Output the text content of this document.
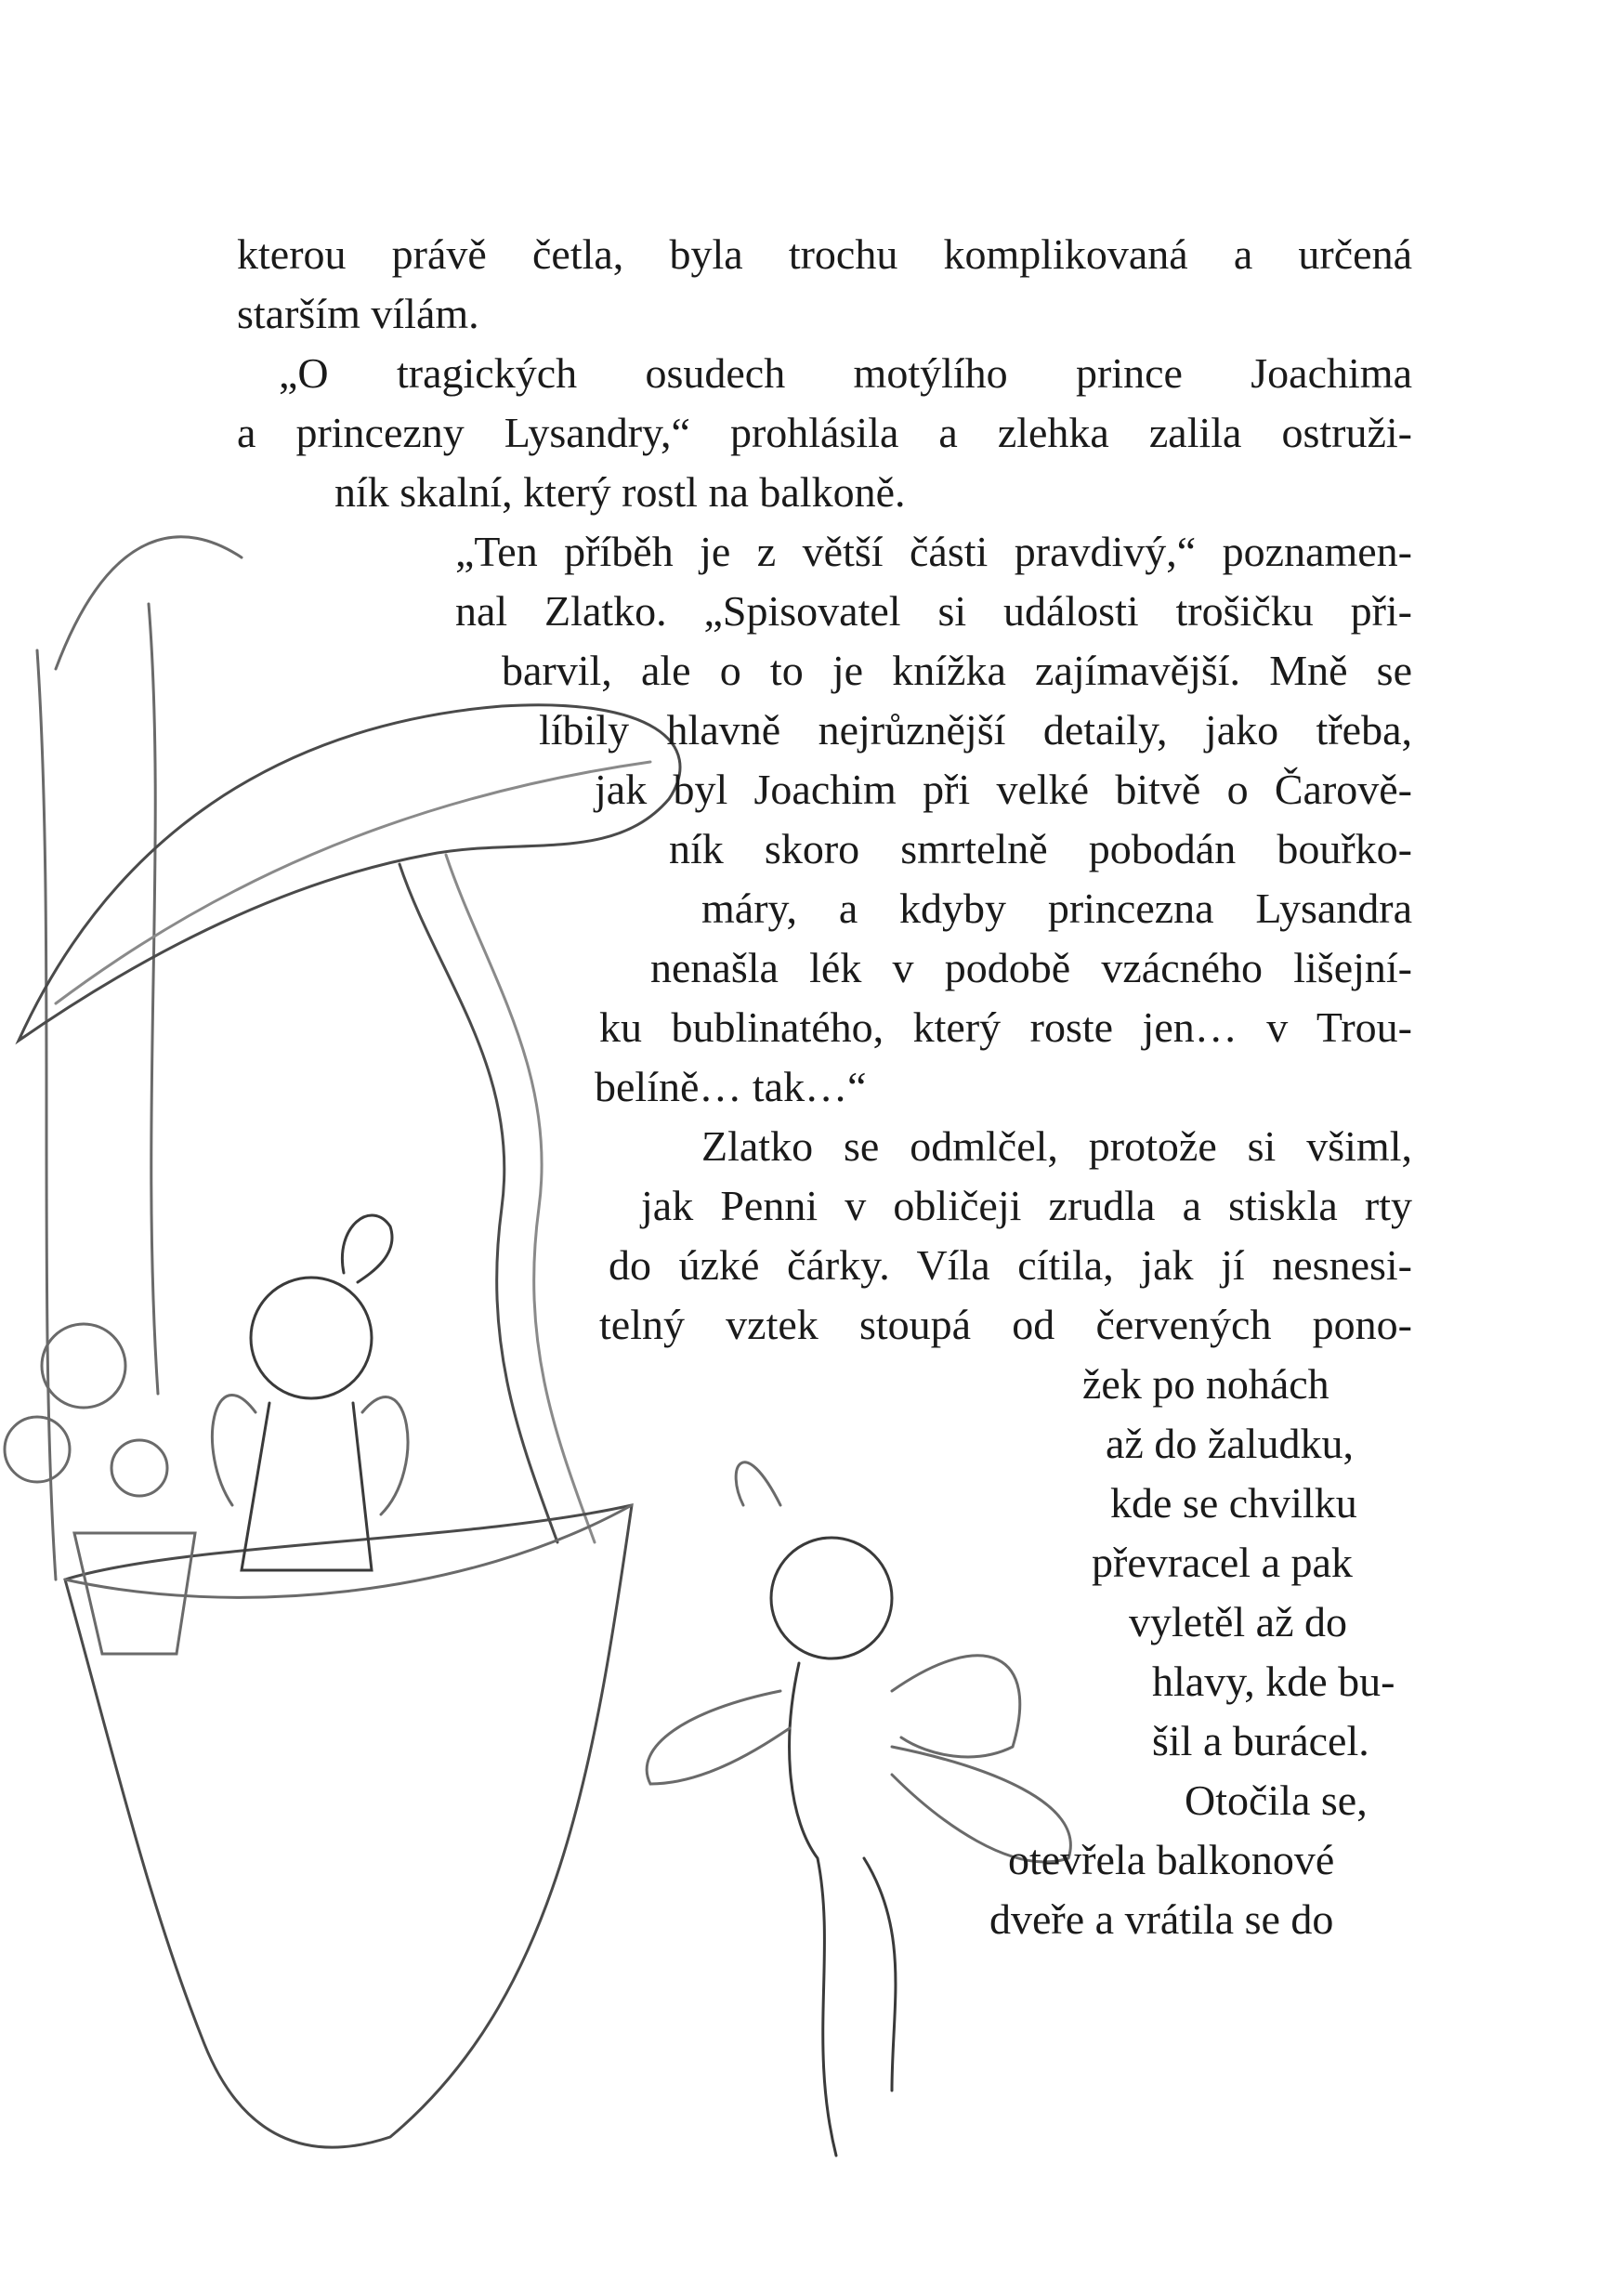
kterou právě četla, byla trochu komplikovaná a určená
starším vílám.
„O tragických osudech motýlího prince Joachima
a princezny Lysandry,“ prohlásila a zlehka zalila ostruži-
ník skalní, který rostl na balkoně.
„Ten příběh je z větší části pravdivý,“ poznamen-
nal Zlatko. „Spisovatel si události trošičku při-
barvil, ale o to je knížka zajímavější. Mně se
líbily hlavně nejrůznější detaily, jako třeba,
jak byl Joachim při velké bitvě o Čarově-
ník skoro smrtelně pobodán bouřko-
máry, a kdyby princezna Lysandra
nenašla lék v podobě vzácného lišejní-
ku bublinatého, který roste jen… v Trou-
belíně… tak…“
Zlatko se odmlčel, protože si všiml,
jak Penni v obličeji zrudla a stiskla rty
do úzké čárky. Víla cítila, jak jí nesnesi-
telný vztek stoupá od červených pono-
žek po nohách
až do žaludku,
kde se chvilku
převracel a pak
vyletěl až do
hlavy, kde bu-
šil a burácel.
Otočila se,
otevřela balkonové
dveře a vrátila se do
